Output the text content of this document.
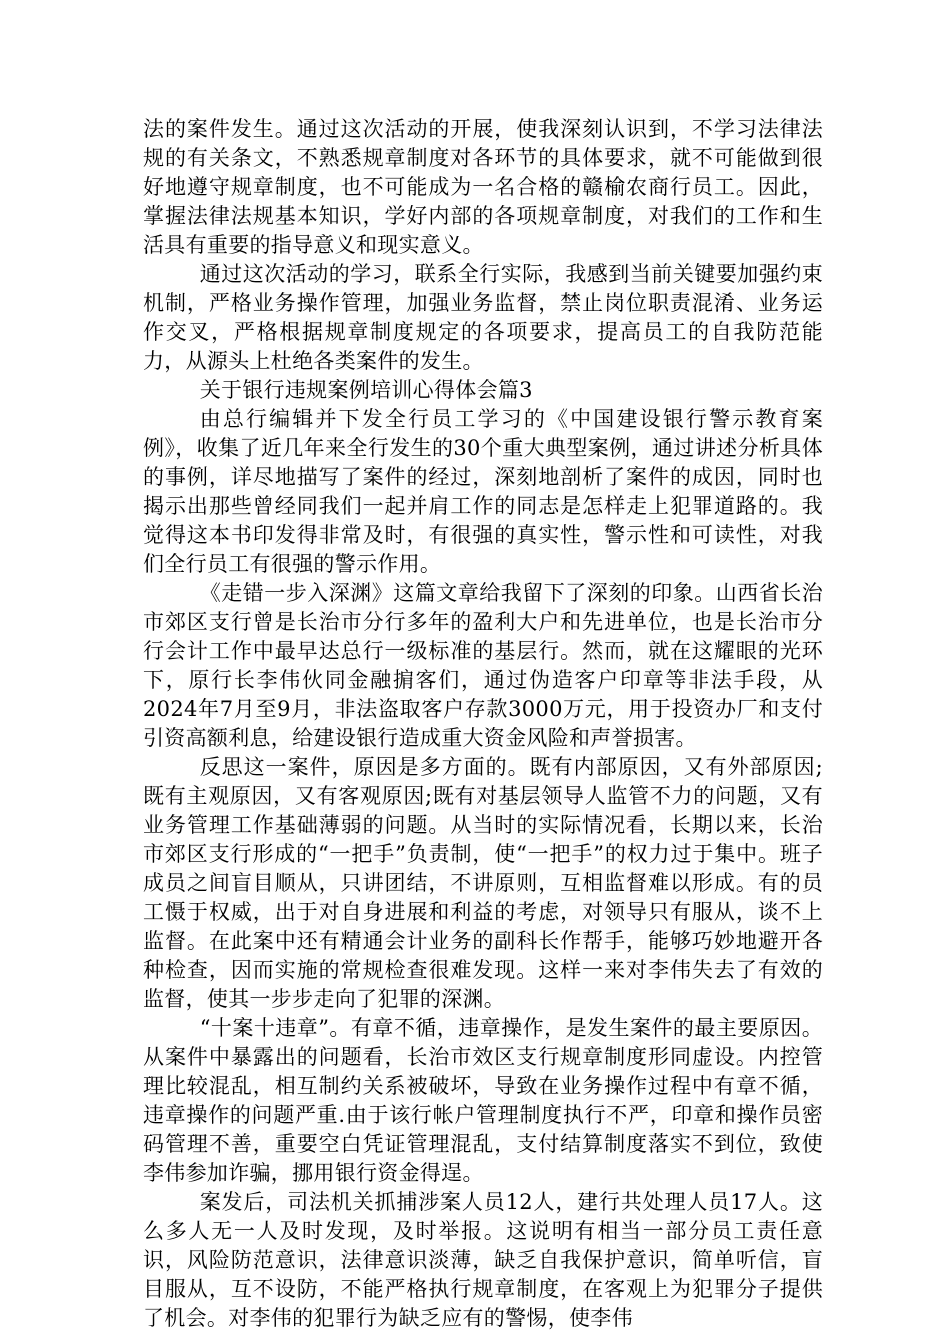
法的案件发生。通过这次活动的开展，使我深刻认识到，不学习法律法规的有关条文，不熟悉规章制度对各环节的具体要求，就不可能做到很好地遵守规章制度，也不可能成为一名合格的赣榆农商行员工。因此，掌握法律法规基本知识，学好内部的各项规章制度，对我们的工作和生活具有重要的指导意义和现实意义。

通过这次活动的学习，联系全行实际，我感到当前关键要加强约束机制，严格业务操作管理，加强业务监督，禁止岗位职责混淆、业务运作交叉，严格根据规章制度规定的各项要求，提高员工的自我防范能力，从源头上杜绝各类案件的发生。

关于银行违规案例培训心得体会篇3

由总行编辑并下发全行员工学习的《中国建设银行警示教育案例》，收集了近几年来全行发生的30个重大典型案例，通过讲述分析具体的事例，详尽地描写了案件的经过，深刻地剖析了案件的成因，同时也揭示出那些曾经同我们一起并肩工作的同志是怎样走上犯罪道路的。我觉得这本书印发得非常及时，有很强的真实性，警示性和可读性，对我们全行员工有很强的警示作用。

《走错一步入深渊》这篇文章给我留下了深刻的印象。山西省长治市郊区支行曾是长治市分行多年的盈利大户和先进单位，也是长治市分行会计工作中最早达总行一级标准的基层行。然而，就在这耀眼的光环下，原行长李伟伙同金融掮客们，通过伪造客户印章等非法手段，从2024年7月至9月，非法盗取客户存款3000万元，用于投资办厂和支付引资高额利息，给建设银行造成重大资金风险和声誉损害。

反思这一案件，原因是多方面的。既有内部原因，又有外部原因;既有主观原因，又有客观原因;既有对基层领导人监管不力的问题，又有业务管理工作基础薄弱的问题。从当时的实际情况看，长期以来，长治市郊区支行形成的“一把手”负责制，使“一把手”的权力过于集中。班子成员之间盲目顺从，只讲团结，不讲原则，互相监督难以形成。有的员工慑于权威，出于对自身进展和利益的考虑，对领导只有服从，谈不上监督。在此案中还有精通会计业务的副科长作帮手，能够巧妙地避开各种检查，因而实施的常规检查很难发现。这样一来对李伟失去了有效的监督，使其一步步走向了犯罪的深渊。

“十案十违章”。有章不循，违章操作，是发生案件的最主要原因。从案件中暴露出的问题看，长治市效区支行规章制度形同虚设。内控管理比较混乱，相互制约关系被破坏，导致在业务操作过程中有章不循，违章操作的问题严重.由于该行帐户管理制度执行不严，印章和操作员密码管理不善，重要空白凭证管理混乱，支付结算制度落实不到位，致使李伟参加诈骗，挪用银行资金得逞。

案发后，司法机关抓捕涉案人员12人，建行共处理人员17人。这么多人无一人及时发现，及时举报。这说明有相当一部分员工责任意识，风险防范意识，法律意识淡薄，缺乏自我保护意识，简单听信，盲目服从，互不设防，不能严格执行规章制度，在客观上为犯罪分子提供了机会。对李伟的犯罪行为缺乏应有的警惕，使李伟
